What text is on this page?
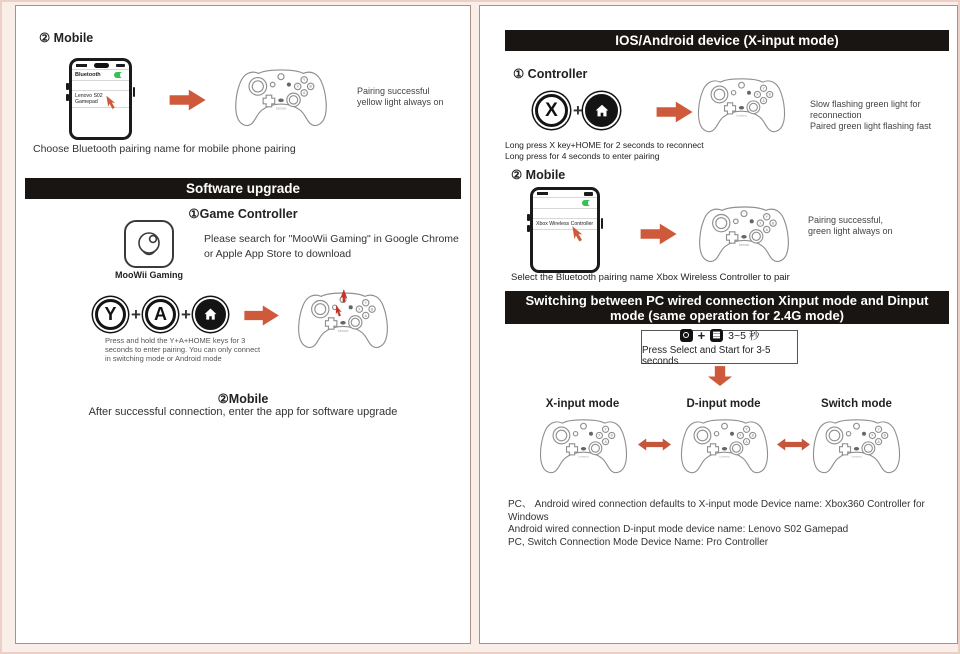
② Mobile
Bluetooth
Lenovo S02 Gamepad
Pairing successful
yellow light always on
Choose Bluetooth pairing name for mobile phone pairing
Software upgrade
①Game Controller
MooWii Gaming
Please search for "MooWii Gaming" in Google Chrome
or Apple App Store to download
Y + A +
Press and hold the Y+A+HOME keys for 3
seconds to enter pairing. You can only connect
in switching mode or Android mode
②Mobile
After successful connection, enter the app for software upgrade
IOS/Android device (X-input mode)
① Controller
X +
Long press X key+HOME for 2 seconds to reconnect
Long press for 4 seconds to enter pairing
Slow flashing green light for
reconnection
Paired green light flashing fast
② Mobile
Xbox Wireless Controller	Pairing successful,
green light always on
Select the Bluetooth pairing name Xbox Wireless Controller to pair
Switching between PC wired connection Xinput mode and Dinput
mode (same operation for 2.4G mode)
+ 3~5 秒
Press Select and Start for 3-5 seconds
X-input mode	D-input mode	Switch mode
PC、 Android wired connection defaults to X-input mode Device name: Xbox360 Controller for Windows
Android wired connection D-input mode device name: Lenovo S02 Gamepad
PC, Switch Connection Mode Device Name: Pro Controller
